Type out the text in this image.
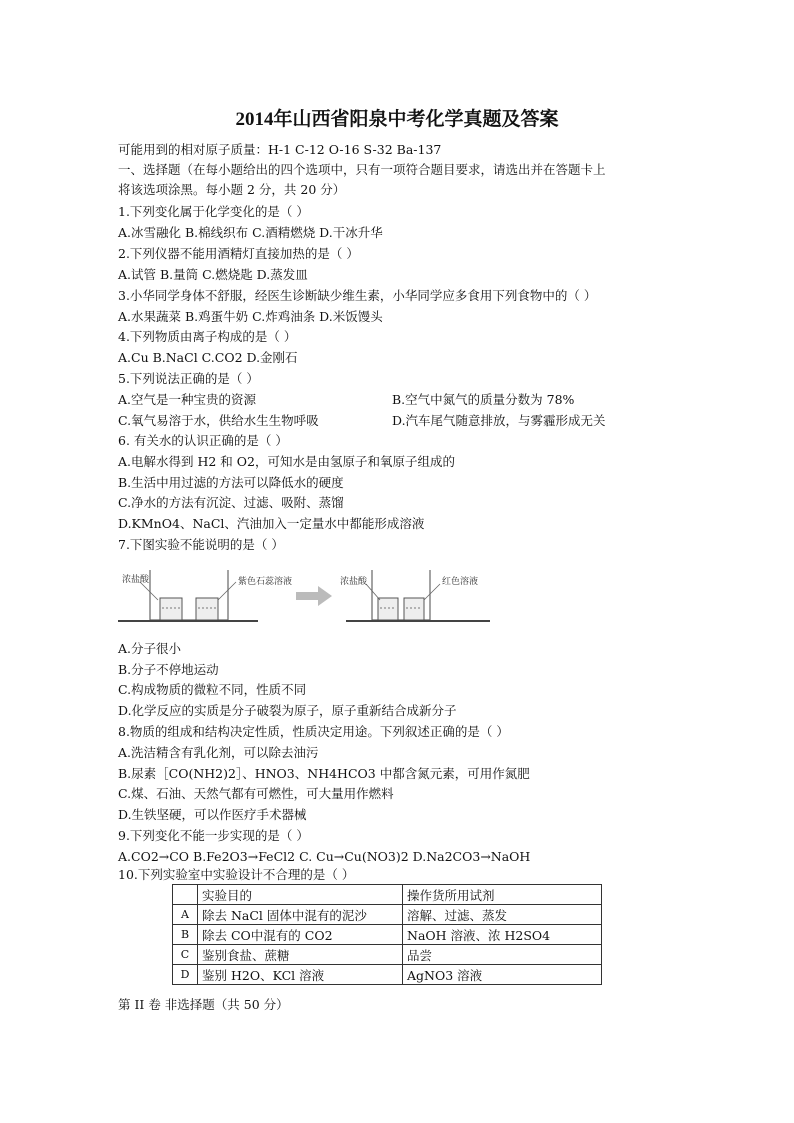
2014年山西省阳泉中考化学真题及答案
可能用到的相对原子质量：H-1 C-12 O-16 S-32 Ba-137
一、选择题（在每小题给出的四个选项中，只有一项符合题目要求，请选出并在答题卡上
将该选项涂黑。每小题 2 分，共 20 分）
1.下列变化属于化学变化的是（ ）
A.冰雪融化 B.棉线织布 C.酒精燃烧 D.干冰升华
2.下列仪器不能用酒精灯直接加热的是（ ）
A.试管 B.量筒 C.燃烧匙 D.蒸发皿
3.小华同学身体不舒服，经医生诊断缺少维生素，小华同学应多食用下列食物中的（ ）
A.水果蔬菜 B.鸡蛋牛奶 C.炸鸡油条 D.米饭馒头
4.下列物质由离子构成的是（ ）
A.Cu B.NaCl C.CO2 D.金刚石
5.下列说法正确的是（ ）
A.空气是一种宝贵的资源	B.空气中氮气的质量分数为 78%
C.氧气易溶于水，供给水生生物呼吸	D.汽车尾气随意排放，与雾霾形成无关
6. 有关水的认识正确的是（ ）
A.电解水得到 H2 和 O2，可知水是由氢原子和氧原子组成的
B.生活中用过滤的方法可以降低水的硬度
C.净水的方法有沉淀、过滤、吸附、蒸馏
D.KMnO4、NaCl、汽油加入一定量水中都能形成溶液
7.下图实验不能说明的是（ ）
浓盐酸	紫色石蕊溶液	浓盐酸	红色溶液
A.分子很小
B.分子不停地运动
C.构成物质的微粒不同，性质不同
D.化学反应的实质是分子破裂为原子，原子重新结合成新分子
8.物质的组成和结构决定性质，性质决定用途。下列叙述正确的是（ ）
A.洗洁精含有乳化剂，可以除去油污
B.尿素［CO(NH2)2］、HNO3、NH4HCO3 中都含氮元素，可用作氮肥
C.煤、石油、天然气都有可燃性，可大量用作燃料
D.生铁坚硬，可以作医疗手术器械
9.下列变化不能一步实现的是（ ）
A.CO2→CO B.Fe2O3→FeCl2 C. Cu→Cu(NO3)2 D.Na2CO3→NaOH
10.下列实验室中实验设计不合理的是（ ）
	实验目的	操作货所用试剂
A	除去 NaCl 固体中混有的泥沙	溶解、过滤、蒸发
B	除去 CO中混有的 CO2	NaOH 溶液、浓 H2SO4
C	鉴别食盐、蔗糖	品尝
D	鉴别 H2O、KCl 溶液	AgNO3 溶液
第 II 卷 非选择题（共 50 分）
